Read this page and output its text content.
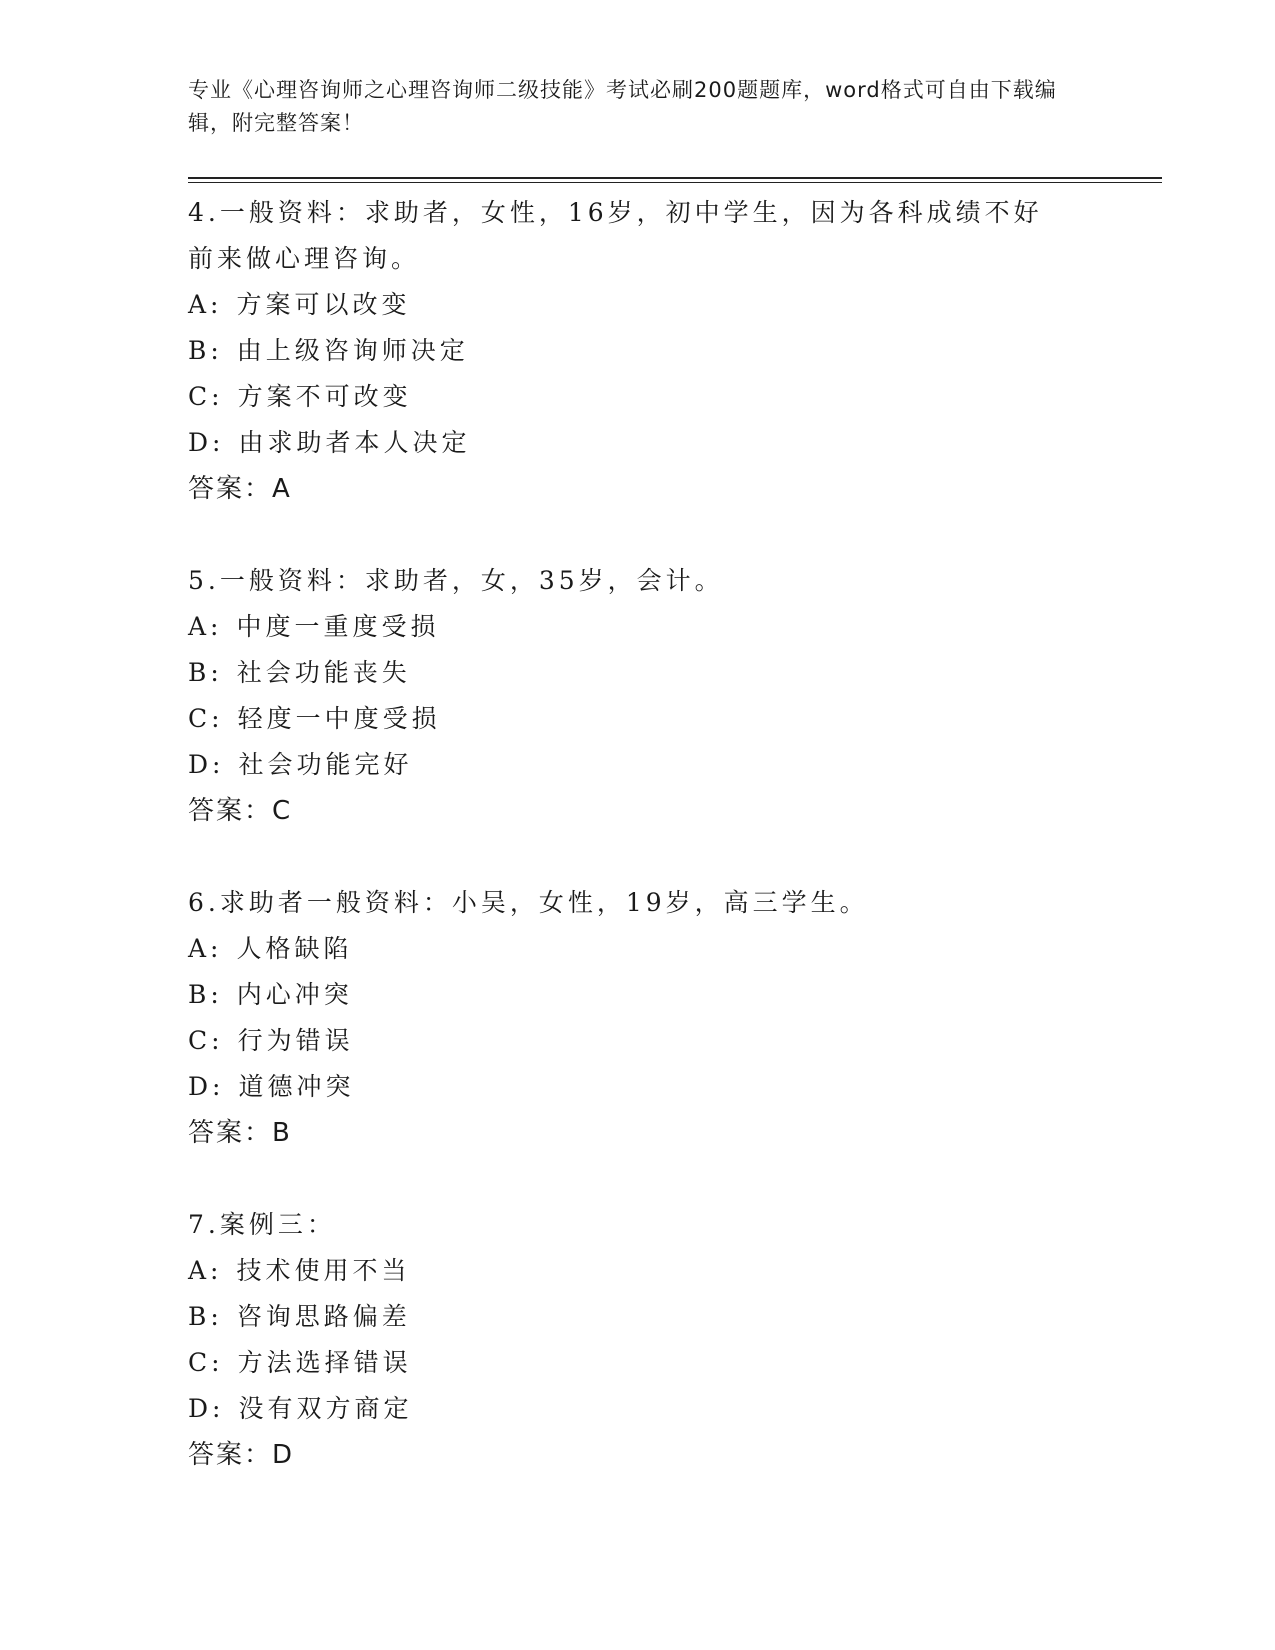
专业《心理咨询师之心理咨询师二级技能》考试必刷200题题库，word格式可自由下载编辑，附完整答案！
4.一般资料：求助者，女性，16岁，初中学生，因为各科成绩不好前来做心理咨询。
A: 方案可以改变
B: 由上级咨询师决定
C: 方案不可改变
D: 由求助者本人决定
答案：A
5.一般资料：求助者，女，35岁，会计。
A: 中度一重度受损
B: 社会功能丧失
C: 轻度一中度受损
D: 社会功能完好
答案：C
6.求助者一般资料：小吴，女性，19岁，高三学生。
A: 人格缺陷
B: 内心冲突
C: 行为错误
D: 道德冲突
答案：B
7.案例三：
A: 技术使用不当
B: 咨询思路偏差
C: 方法选择错误
D: 没有双方商定
答案：D
